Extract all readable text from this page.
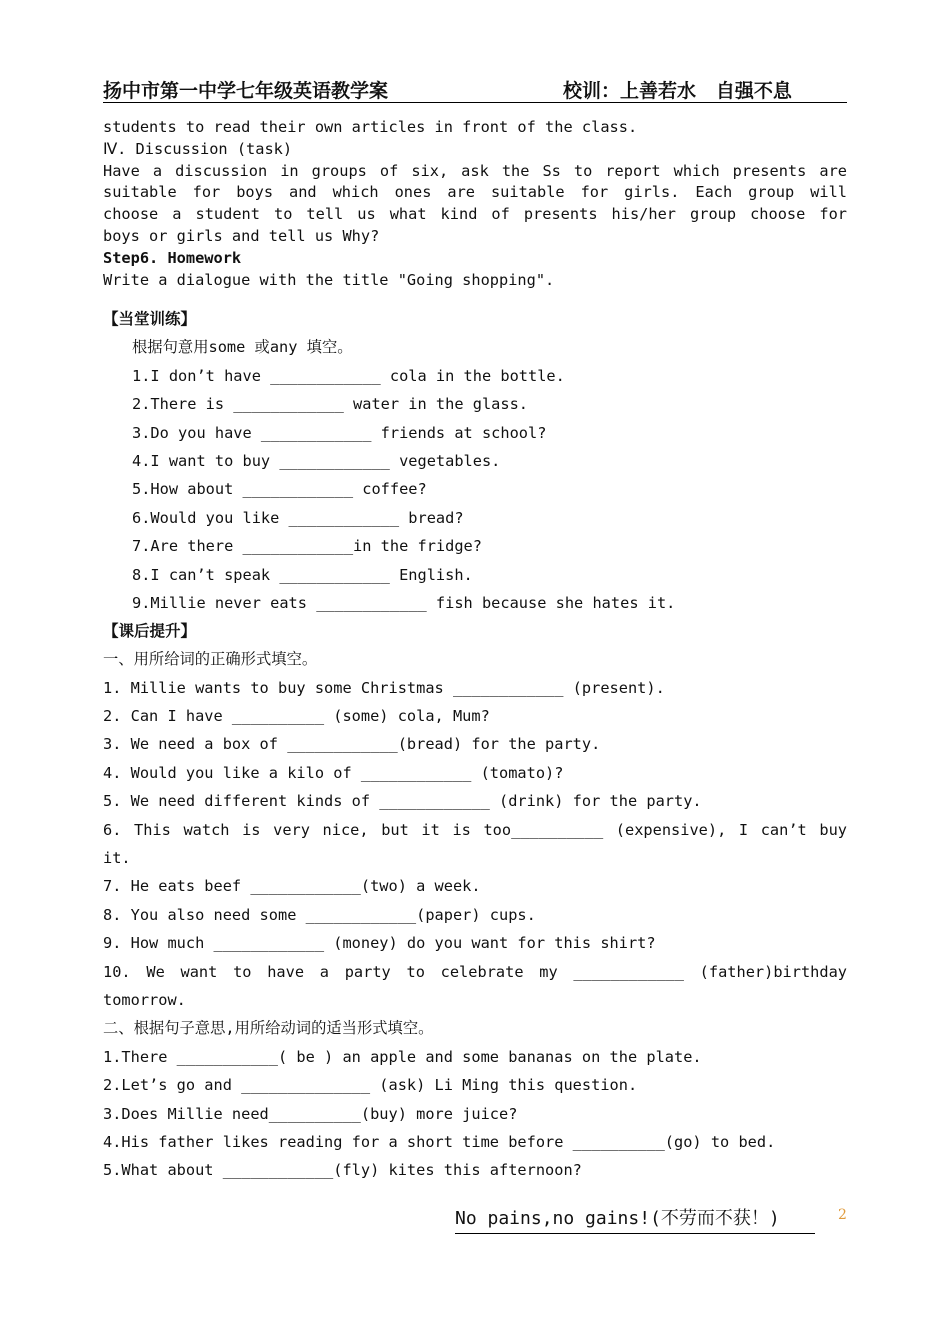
扬中市第一中学七年级英语教学案	校训：上善若水   自强不息
students to read their own articles in front of the class.
Ⅳ. Discussion (task)
Have a discussion in groups of six, ask the Ss to report which presents are
suitable for boys and which ones are suitable for girls. Each group will
choose a student to tell us what kind of presents his/her group choose for
boys or girls and tell us Why?
Step6. Homework
Write a dialogue with the title "Going shopping".
【当堂训练】
根据句意用some 或any 填空。
1.I don’t have ____________ cola in the bottle.
2.There is ____________ water in the glass.
3.Do you have ____________ friends at school?
4.I want to buy ____________ vegetables.
5.How about ____________ coffee?
6.Would you like ____________ bread?
7.Are there ____________in the fridge?
8.I can’t speak ____________ English.
9.Millie never eats ____________ fish because she hates it.
【课后提升】
一、用所给词的正确形式填空。
1. Millie wants to buy some Christmas ____________ (present).
2. Can I have __________ (some) cola, Mum?
3. We need a box of ____________(bread) for the party.
4. Would you like a kilo of ____________ (tomato)?
5. We need different kinds of ____________ (drink) for the party.
6. This watch is very nice, but it is too__________ (expensive), I can’t buy
it.
7. He eats beef ____________(two) a week.
8. You also need some ____________(paper) cups.
9. How much ____________ (money) do you want for this shirt?
10. We want to have a party to celebrate my ____________ (father)birthday
tomorrow.
二、根据句子意思,用所给动词的适当形式填空。
1.There ___________( be ) an apple and some bananas on the plate.
2.Let’s go and ______________ (ask) Li Ming this question.
3.Does Millie need__________(buy) more juice?
4.His father likes reading for a short time before __________(go) to bed.
5.What about ____________(fly) kites this afternoon?
No pains,no gains!(不劳而不获！)	2
